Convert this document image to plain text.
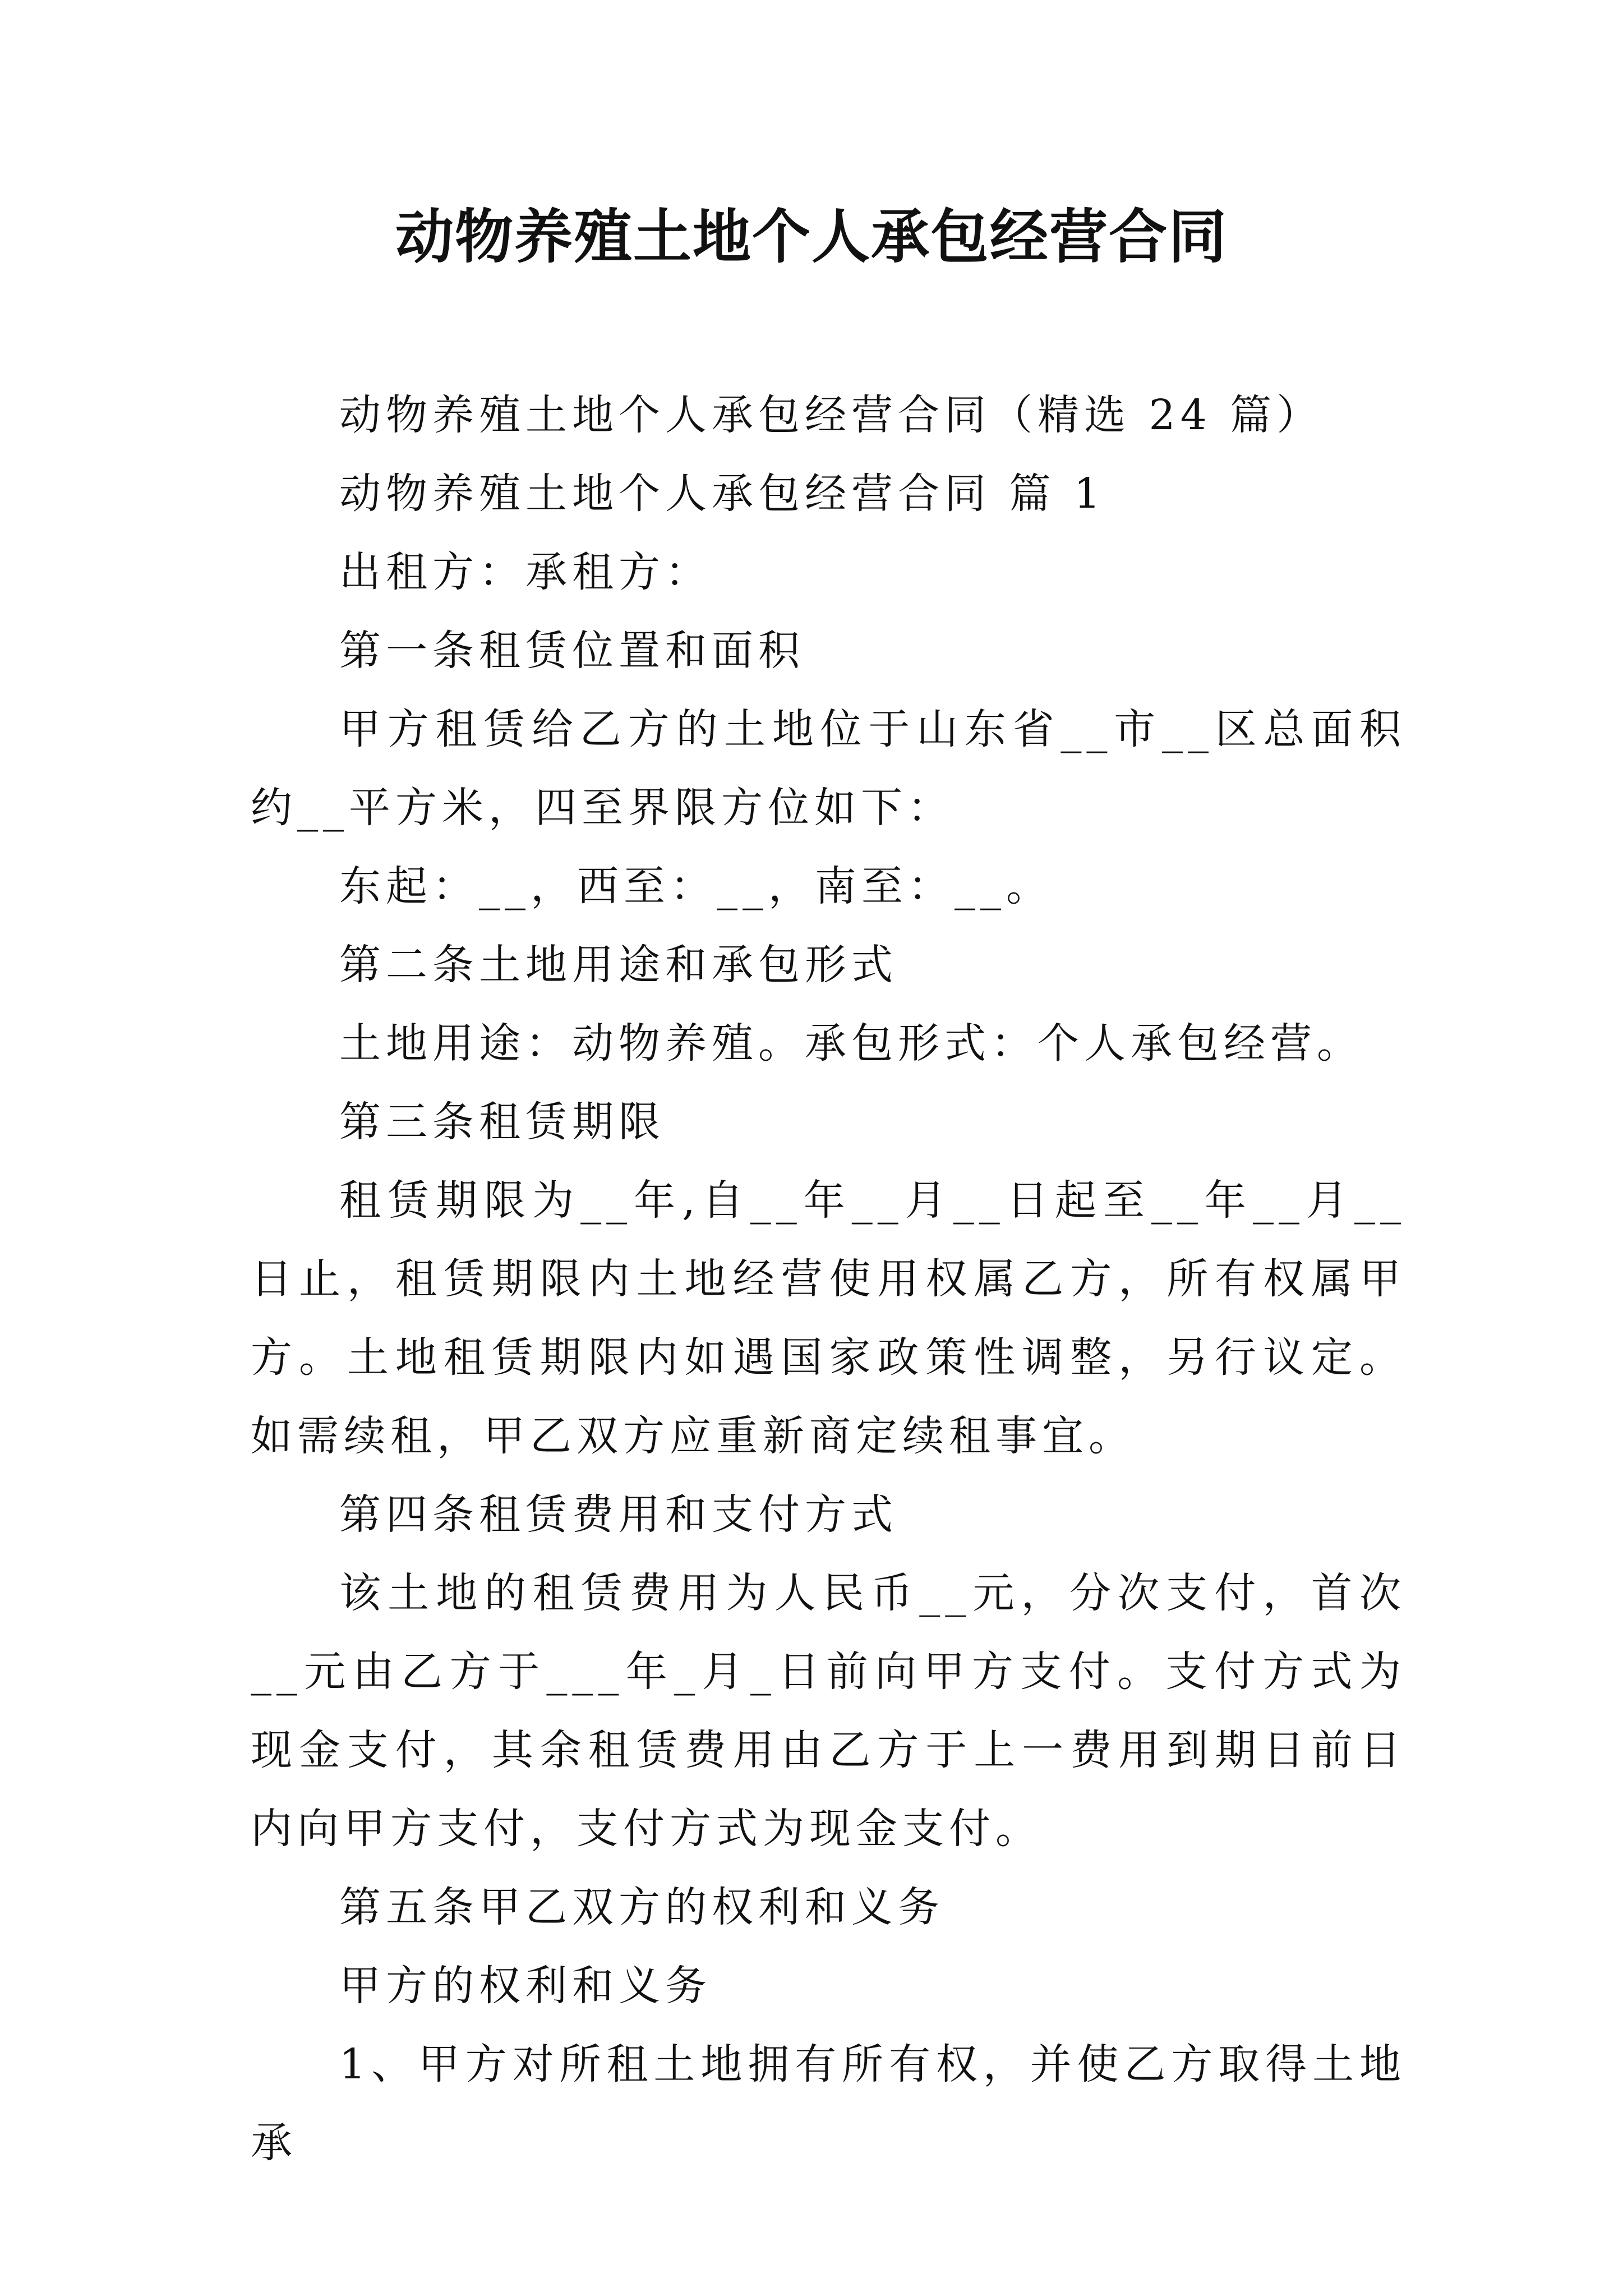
动物养殖土地个人承包经营合同

动物养殖土地个人承包经营合同（精选 24 篇）

动物养殖土地个人承包经营合同 篇 1

出租方：承租方：

第一条租赁位置和面积

甲方租赁给乙方的土地位于山东省__市__区总面积约__平方米，四至界限方位如下：

东起：__，西至：__，南至：__。

第二条土地用途和承包形式

土地用途：动物养殖。承包形式：个人承包经营。

第三条租赁期限

租赁期限为__年,自__年__月__日起至__年__月__日止，租赁期限内土地经营使用权属乙方，所有权属甲方。土地租赁期限内如遇国家政策性调整，另行议定。如需续租，甲乙双方应重新商定续租事宜。

第四条租赁费用和支付方式

该土地的租赁费用为人民币__元，分次支付，首次__元由乙方于___年_月_日前向甲方支付。支付方式为现金支付，其余租赁费用由乙方于上一费用到期日前日内向甲方支付，支付方式为现金支付。

第五条甲乙双方的权利和义务

甲方的权利和义务

1、甲方对所租土地拥有所有权，并使乙方取得土地承
